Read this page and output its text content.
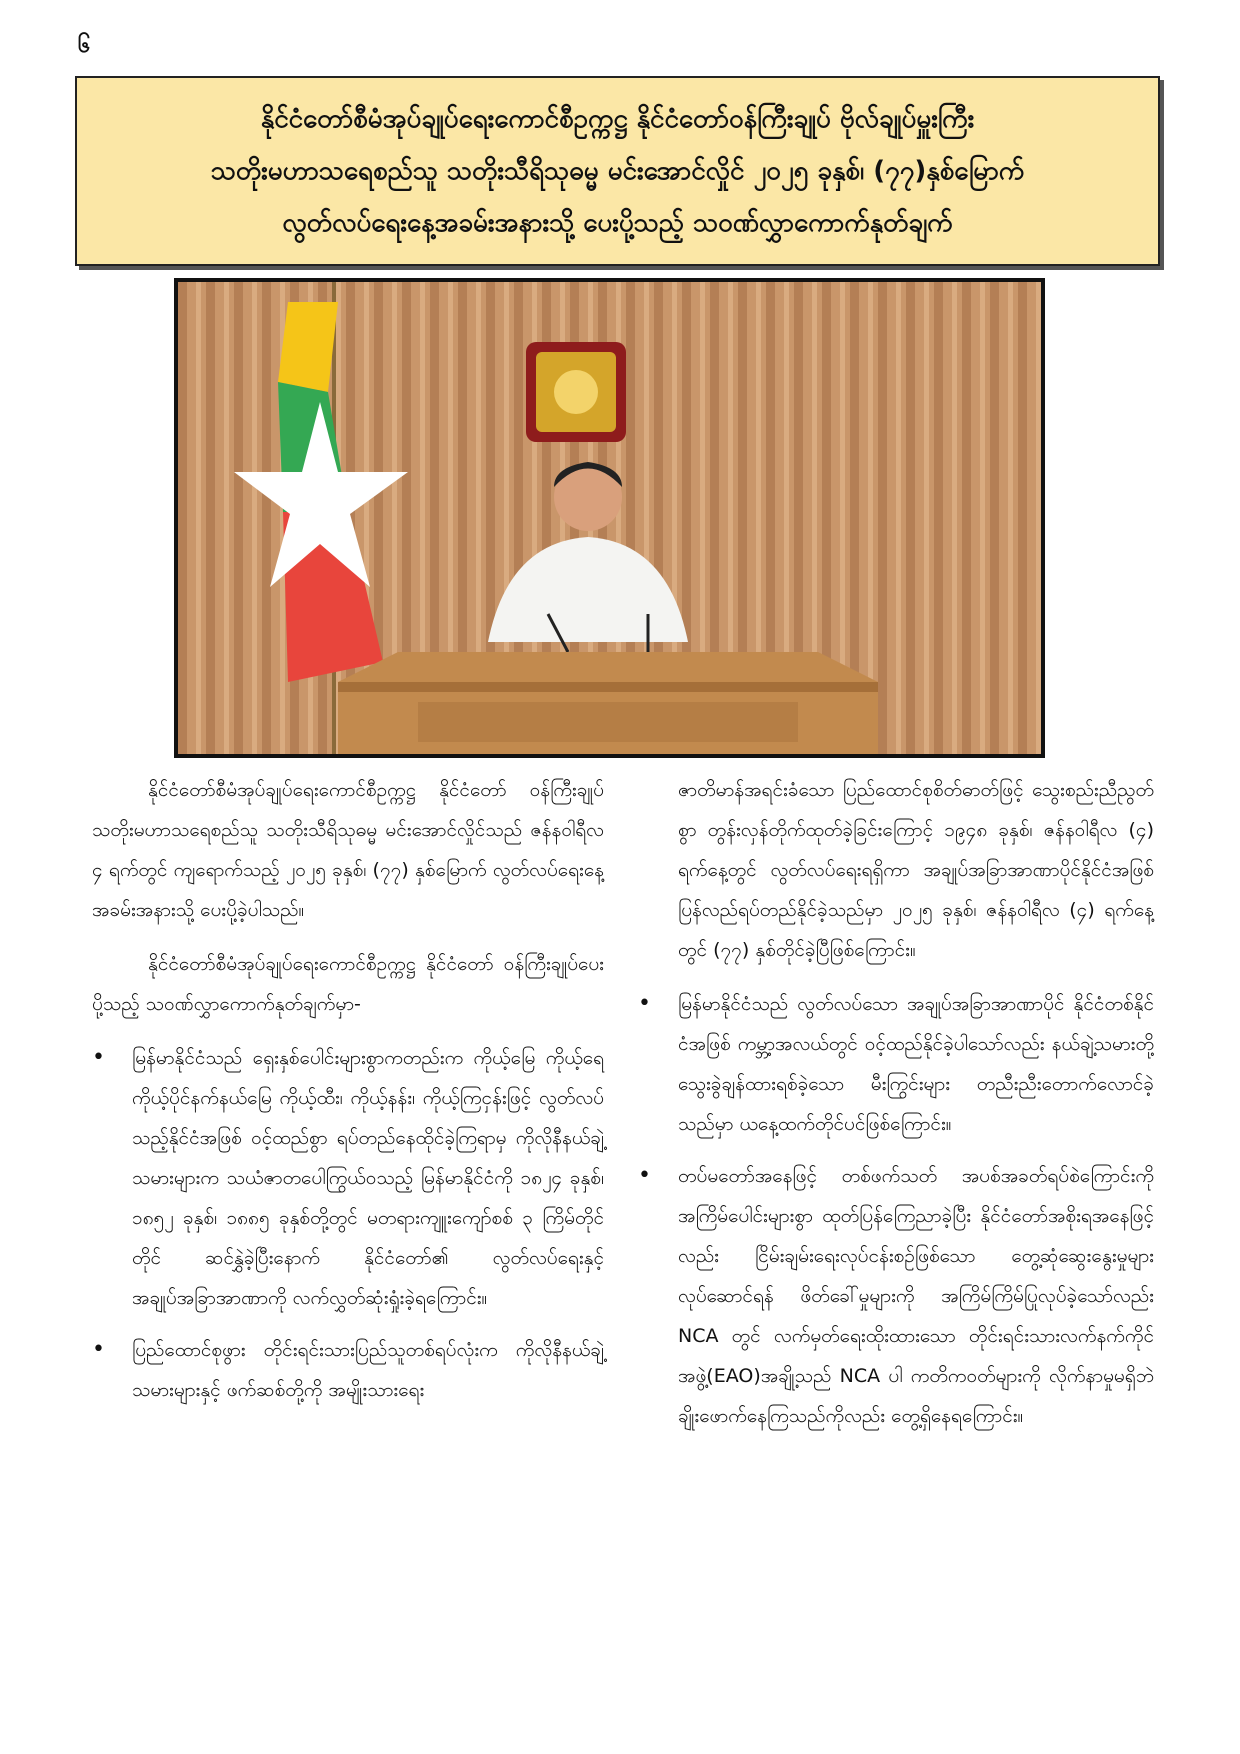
၆
နိုင်ငံတော်စီမံအုပ်ချုပ်ရေးကောင်စီဥက္ကဋ္ဌ နိုင်ငံတော်ဝန်ကြီးချုပ် ဗိုလ်ချုပ်မှူးကြီး
သတိုးမဟာသရေစည်သူ သတိုးသီရိသုဓမ္မ မင်းအောင်လှိုင် ၂၀၂၅ ခုနှစ်၊ (၇၇)နှစ်မြောက်
လွတ်လပ်ရေးနေ့အခမ်းအနားသို့ ပေးပို့သည့် သဝဏ်လွှာကောက်နုတ်ချက်

နိုင်ငံတော်စီမံအုပ်ချုပ်ရေးကောင်စီဥက္ကဋ္ဌ နိုင်ငံတော် ဝန်ကြီးချုပ် သတိုးမဟာသရေစည်သူ သတိုးသီရိသုဓမ္မ မင်းအောင်လှိုင်သည် ဇန်နဝါရီလ ၄ ရက်တွင် ကျရောက်သည့် ၂၀၂၅ ခုနှစ်၊ (၇၇) နှစ်မြောက် လွတ်လပ်ရေးနေ့အခမ်းအနားသို့ ပေးပို့ခဲ့ပါသည်။

နိုင်ငံတော်စီမံအုပ်ချုပ်ရေးကောင်စီဥက္ကဋ္ဌ နိုင်ငံတော် ဝန်ကြီးချုပ်ပေးပို့သည့် သဝဏ်လွှာကောက်နုတ်ချက်မှာ-

• မြန်မာနိုင်ငံသည် ရှေးနှစ်ပေါင်းများစွာကတည်းက ကိုယ့်မြေ ကိုယ့်ရေ ကိုယ့်ပိုင်နက်နယ်မြေ ကိုယ့်ထီး၊ ကိုယ့်နန်း၊ ကိုယ့်ကြငှန်းဖြင့် လွတ်လပ်သည့်နိုင်ငံအဖြစ် ဝင့်ထည်စွာ ရပ်တည်နေထိုင်ခဲ့ကြရာမှ ကိုလိုနီနယ်ချဲ့သမားများက သယံဇာတပေါကြွယ်ဝသည့် မြန်မာနိုင်ငံကို ၁၈၂၄ ခုနှစ်၊ ၁၈၅၂ ခုနှစ်၊ ၁၈၈၅ ခုနှစ်တို့တွင် မတရားကျူးကျော်စစ် ၃ ကြိမ်တိုင်တိုင် ဆင်နွှဲခဲ့ပြီးနောက် နိုင်ငံတော်၏ လွတ်လပ်ရေးနှင့် အချုပ်အခြာအာဏာကို လက်လွှတ်ဆုံးရှုံးခဲ့ရကြောင်း။
• ပြည်ထောင်စုဖွား တိုင်းရင်းသားပြည်သူတစ်ရပ်လုံးက ကိုလိုနီနယ်ချဲ့သမားများနှင့် ဖက်ဆစ်တို့ကို အမျိုးသားရေး

ဇာတိမာန်အရင်းခံသော ပြည်ထောင်စုစိတ်ဓာတ်ဖြင့် သွေးစည်းညီညွတ်စွာ တွန်းလှန်တိုက်ထုတ်ခဲ့ခြင်းကြောင့် ၁၉၄၈ ခုနှစ်၊ ဇန်နဝါရီလ (၄) ရက်နေ့တွင် လွတ်လပ်ရေးရရှိကာ အချုပ်အခြာအာဏာပိုင်နိုင်ငံအဖြစ် ပြန်လည်ရပ်တည်နိုင်ခဲ့သည်မှာ ၂၀၂၅ ခုနှစ်၊ ဇန်နဝါရီလ (၄) ရက်နေ့တွင် (၇၇) နှစ်တိုင်ခဲ့ပြီဖြစ်ကြောင်း။

• မြန်မာနိုင်ငံသည် လွတ်လပ်သော အချုပ်အခြာအာဏာပိုင် နိုင်ငံတစ်နိုင်ငံအဖြစ် ကမ္ဘာ့အလယ်တွင် ဝင့်ထည်နိုင်ခဲ့ပါသော်လည်း နယ်ချဲ့သမားတို့ သွေးခွဲချန်ထားရစ်ခဲ့သော မီးကြွင်းများ တညီးညီးတောက်လောင်ခဲ့သည်မှာ ယနေ့ထက်တိုင်ပင်ဖြစ်ကြောင်း။
• တပ်မတော်အနေဖြင့် တစ်ဖက်သတ် အပစ်အခတ်ရပ်စဲကြောင်းကို အကြိမ်ပေါင်းများစွာ ထုတ်ပြန်ကြေညာခဲ့ပြီး နိုင်ငံတော်အစိုးရအနေဖြင့်လည်း ငြိမ်းချမ်းရေးလုပ်ငန်းစဉ်ဖြစ်သော တွေ့ဆုံဆွေးနွေးမှုများလုပ်ဆောင်ရန် ဖိတ်ခေါ်မှုများကို အကြိမ်ကြိမ်ပြုလုပ်ခဲ့သော်လည်း NCA တွင် လက်မှတ်ရေးထိုးထားသော တိုင်းရင်းသားလက်နက်ကိုင် အဖွဲ့(EAO)အချို့သည် NCA ပါ ကတိကဝတ်များကို လိုက်နာမှုမရှိဘဲ ချိုးဖောက်နေကြသည်ကိုလည်း တွေ့ရှိနေရကြောင်း။
